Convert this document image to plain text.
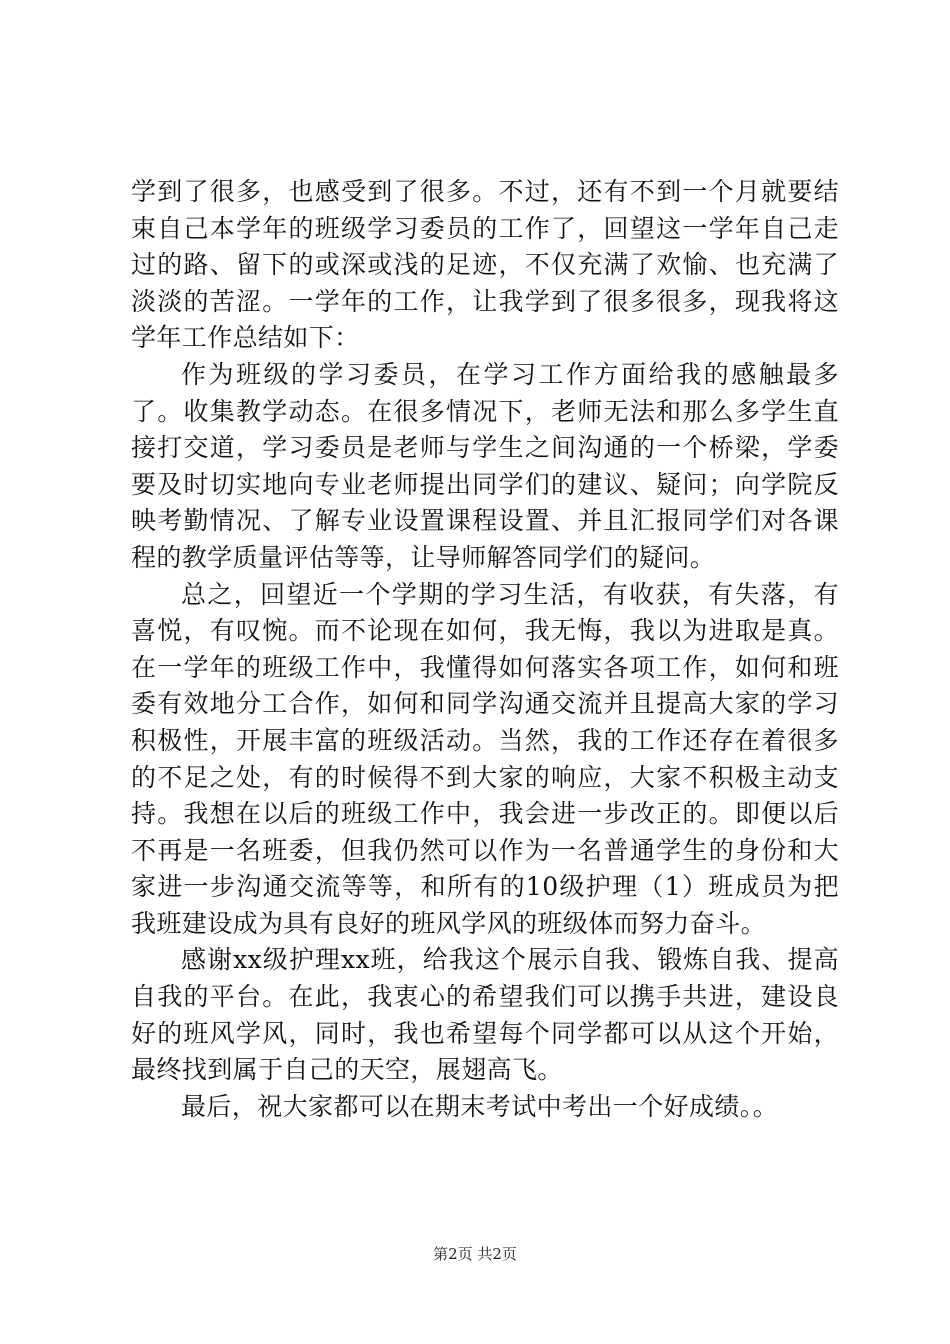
学到了很多，也感受到了很多。不过，还有不到一个月就要结束自己本学年的班级学习委员的工作了，回望这一学年自己走过的路、留下的或深或浅的足迹，不仅充满了欢愉、也充满了淡淡的苦涩。一学年的工作，让我学到了很多很多，现我将这学年工作总结如下：

作为班级的学习委员，在学习工作方面给我的感触最多了。收集教学动态。在很多情况下，老师无法和那么多学生直接打交道，学习委员是老师与学生之间沟通的一个桥梁，学委要及时切实地向专业老师提出同学们的建议、疑问；向学院反映考勤情况、了解专业设置课程设置、并且汇报同学们对各课程的教学质量评估等等，让导师解答同学们的疑问。

总之，回望近一个学期的学习生活，有收获，有失落，有喜悦，有叹惋。而不论现在如何，我无悔，我以为进取是真。在一学年的班级工作中，我懂得如何落实各项工作，如何和班委有效地分工合作，如何和同学沟通交流并且提高大家的学习积极性，开展丰富的班级活动。当然，我的工作还存在着很多的不足之处，有的时候得不到大家的响应，大家不积极主动支持。我想在以后的班级工作中，我会进一步改正的。即便以后不再是一名班委，但我仍然可以作为一名普通学生的身份和大家进一步沟通交流等等，和所有的10级护理（1）班成员为把我班建设成为具有良好的班风学风的班级体而努力奋斗。

感谢xx级护理xx班，给我这个展示自我、锻炼自我、提高自我的平台。在此，我衷心的希望我们可以携手共进，建设良好的班风学风，同时，我也希望每个同学都可以从这个开始，最终找到属于自己的天空，展翅高飞。

最后，祝大家都可以在期末考试中考出一个好成绩。。

第2页 共2页
